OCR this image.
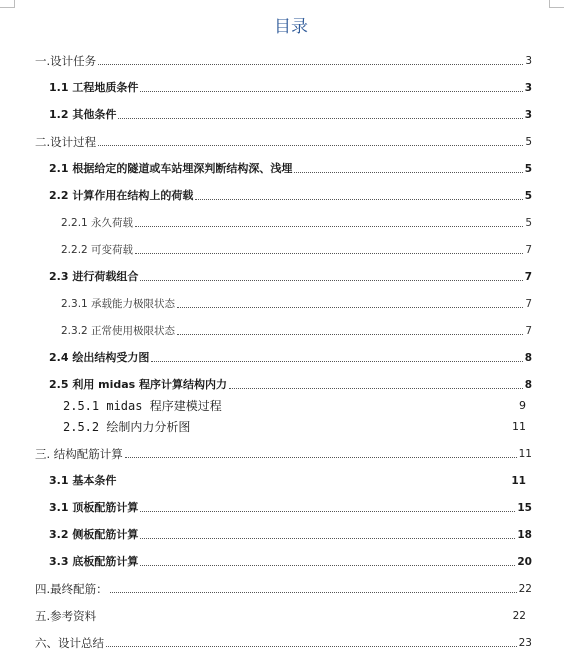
目录
一.设计任务	3
1.1 工程地质条件	3
1.2 其他条件	3
二.设计过程	5
2.1 根据给定的隧道或车站埋深判断结构深、浅埋	5
2.2 计算作用在结构上的荷载	5
2.2.1 永久荷载	5
2.2.2 可变荷载	7
2.3 进行荷载组合	7
2.3.1 承载能力极限状态	7
2.3.2 正常使用极限状态	7
2.4 绘出结构受力图	8
2.5 利用 midas 程序计算结构内力	8
2.5.1 midas 程序建模过程	9
2.5.2 绘制内力分析图	11
三. 结构配筋计算	11
3.1 基本条件	11
3.1 顶板配筋计算	15
3.2 侧板配筋计算	18
3.3 底板配筋计算	20
四.最终配筋：	22
五.参考资料	22
六、设计总结	23
